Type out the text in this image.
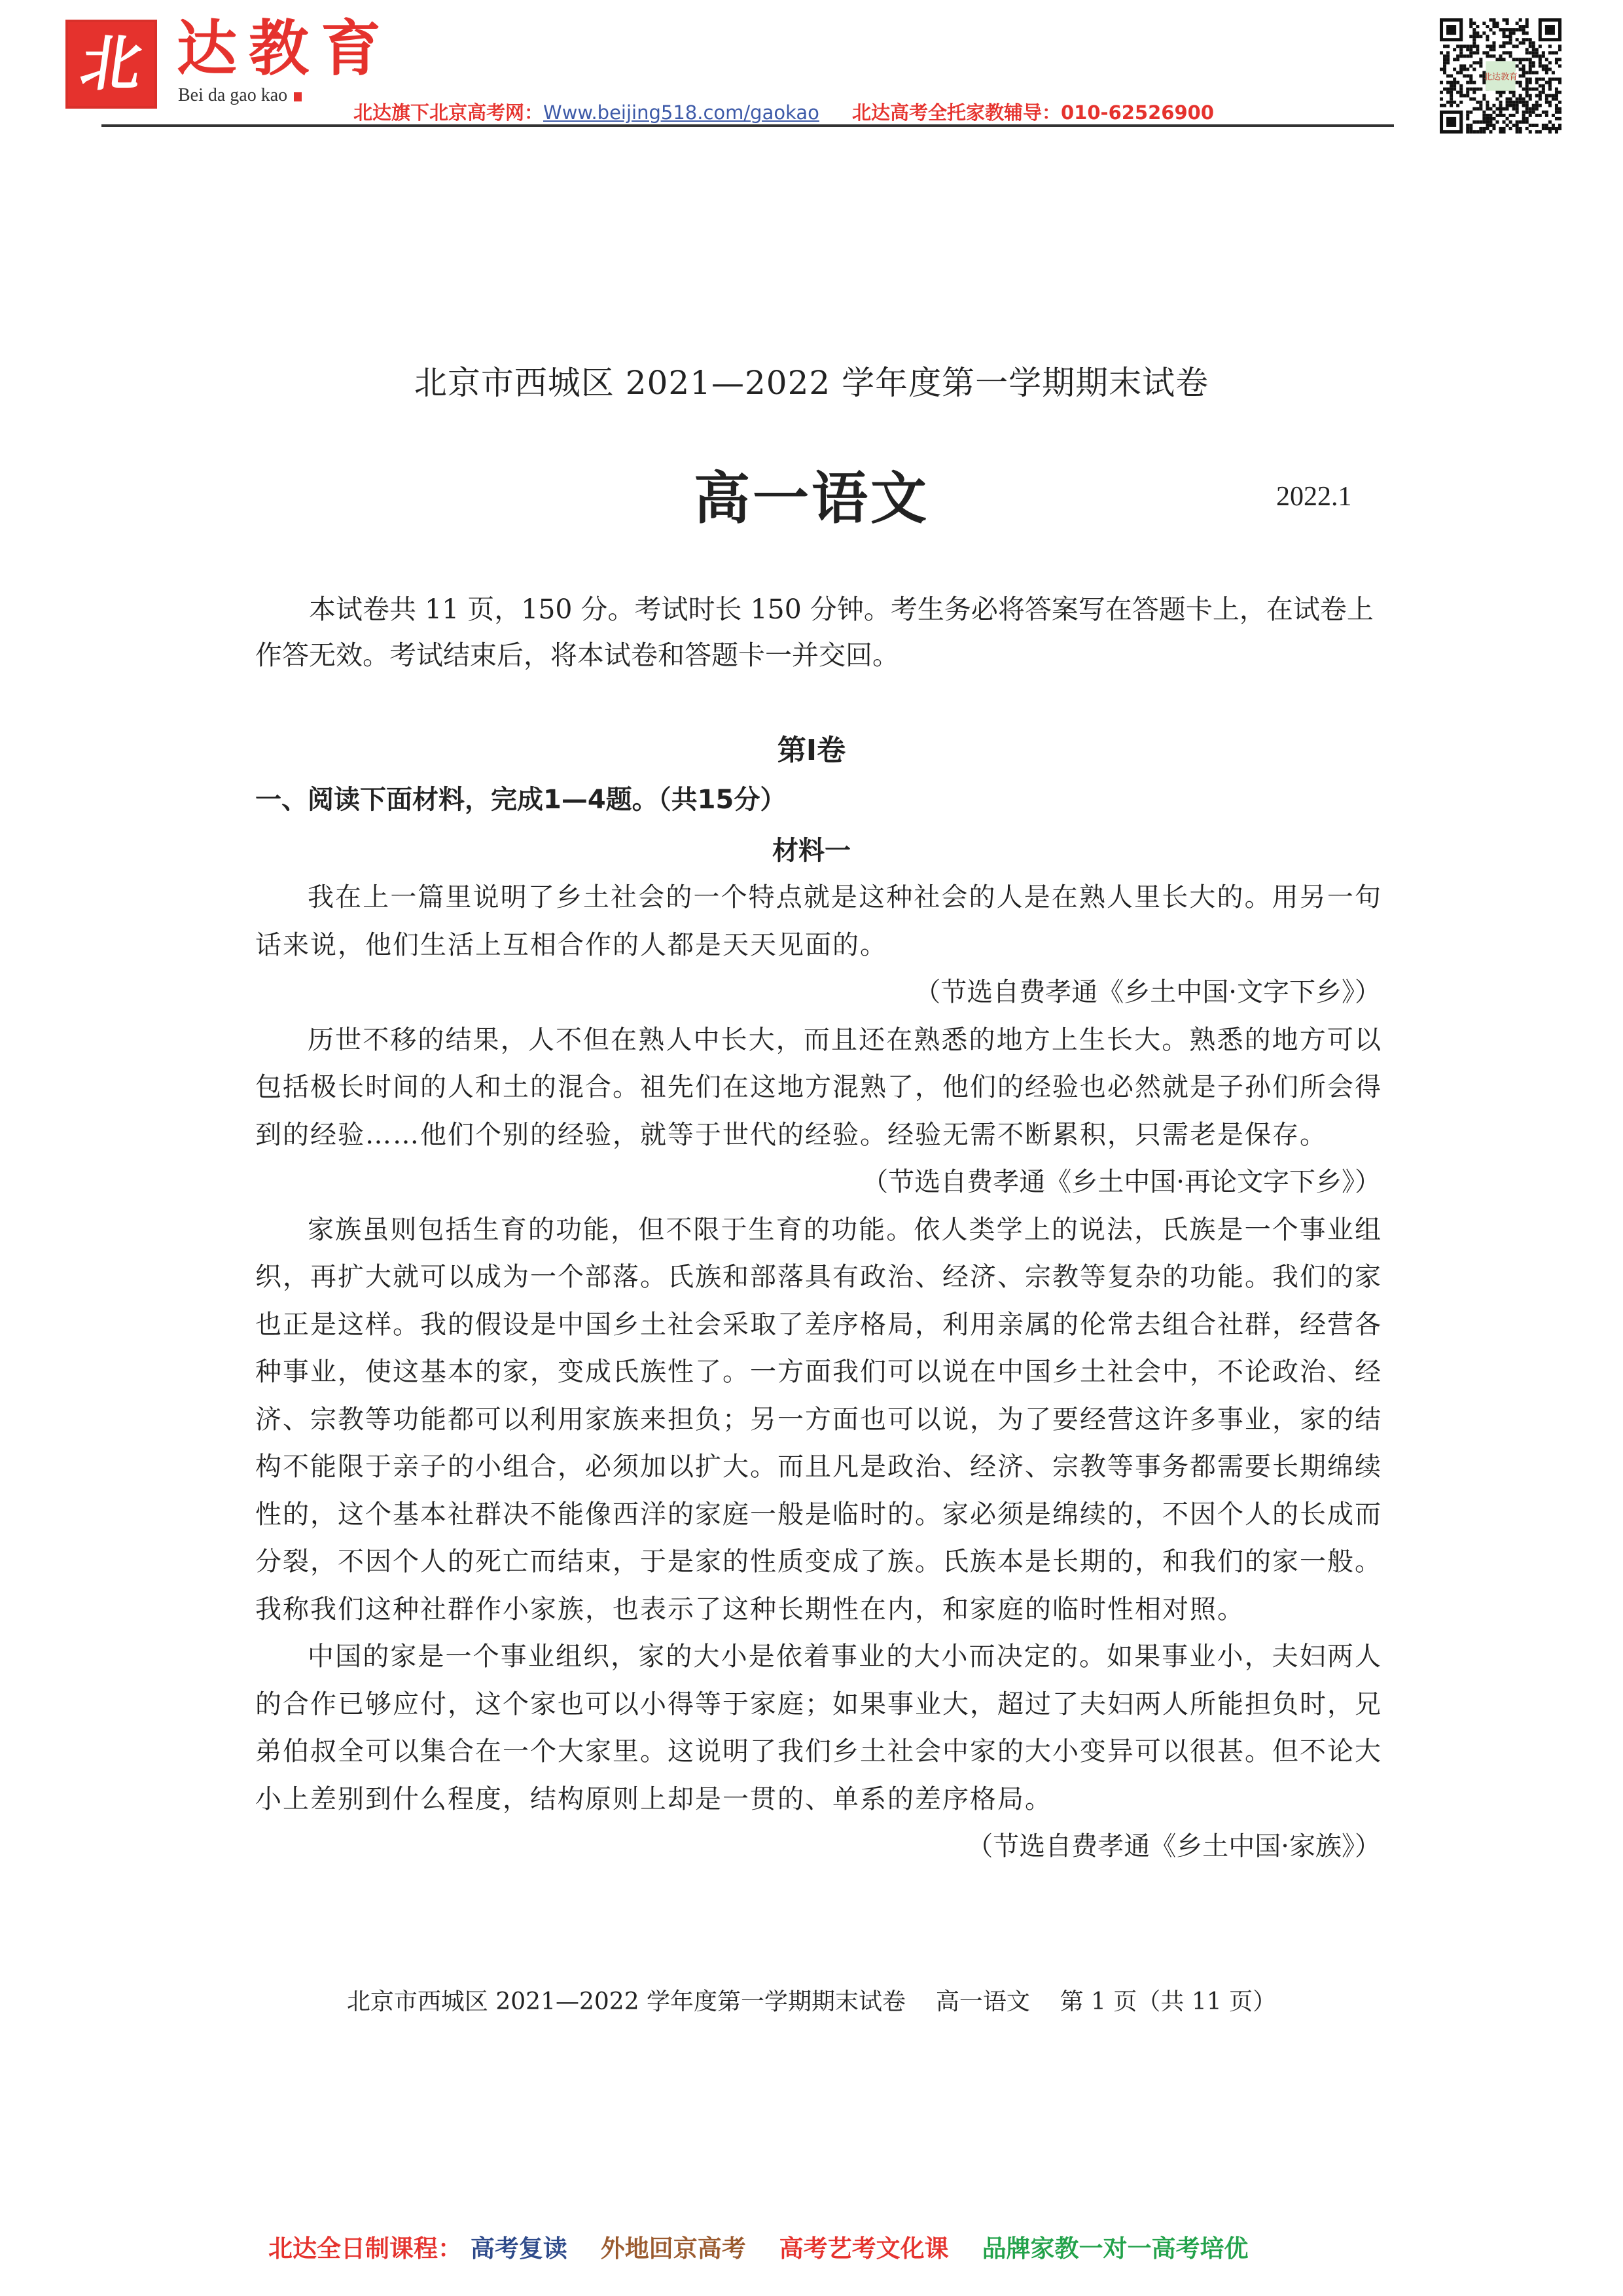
北 达教育
Bei da gao kao
北达旗下北京高考网：Www.beijing518.com/gaokao 北达高考全托家教辅导：010-62526900
北达教育
北京市西城区 2021—2022 学年度第一学期期末试卷
高一语文	2022.1

本试卷共 11 页，150 分。考试时长 150 分钟。考生务必将答案写在答题卡上，在试卷上作答无效。考试结束后，将本试卷和答题卡一并交回。

第Ⅰ卷
一、阅读下面材料，完成1—4题。（共15分）
材料一

我在上一篇里说明了乡土社会的一个特点就是这种社会的人是在熟人里长大的。用另一句话来说，他们生活上互相合作的人都是天天见面的。

（节选自费孝通《乡土中国·文字下乡》）

历世不移的结果，人不但在熟人中长大，而且还在熟悉的地方上生长大。熟悉的地方可以包括极长时间的人和土的混合。祖先们在这地方混熟了，他们的经验也必然就是子孙们所会得到的经验……他们个别的经验，就等于世代的经验。经验无需不断累积，只需老是保存。

（节选自费孝通《乡土中国·再论文字下乡》）

家族虽则包括生育的功能，但不限于生育的功能。依人类学上的说法，氏族是一个事业组织，再扩大就可以成为一个部落。氏族和部落具有政治、经济、宗教等复杂的功能。我们的家也正是这样。我的假设是中国乡土社会采取了差序格局，利用亲属的伦常去组合社群，经营各种事业，使这基本的家，变成氏族性了。一方面我们可以说在中国乡土社会中，不论政治、经济、宗教等功能都可以利用家族来担负；另一方面也可以说，为了要经营这许多事业，家的结构不能限于亲子的小组合，必须加以扩大。而且凡是政治、经济、宗教等事务都需要长期绵续性的，这个基本社群决不能像西洋的家庭一般是临时的。家必须是绵续的，不因个人的长成而分裂，不因个人的死亡而结束，于是家的性质变成了族。氏族本是长期的，和我们的家一般。我称我们这种社群作小家族，也表示了这种长期性在内，和家庭的临时性相对照。

中国的家是一个事业组织，家的大小是依着事业的大小而决定的。如果事业小，夫妇两人的合作已够应付，这个家也可以小得等于家庭；如果事业大，超过了夫妇两人所能担负时，兄弟伯叔全可以集合在一个大家里。这说明了我们乡土社会中家的大小变异可以很甚。但不论大小上差别到什么程度，结构原则上却是一贯的、单系的差序格局。

（节选自费孝通《乡土中国·家族》）

北京市西城区 2021—2022 学年度第一学期期末试卷    高一语文    第 1 页（共 11 页）
北达全日制课程： 高考复读 外地回京高考 高考艺考文化课 品牌家教一对一高考培优
